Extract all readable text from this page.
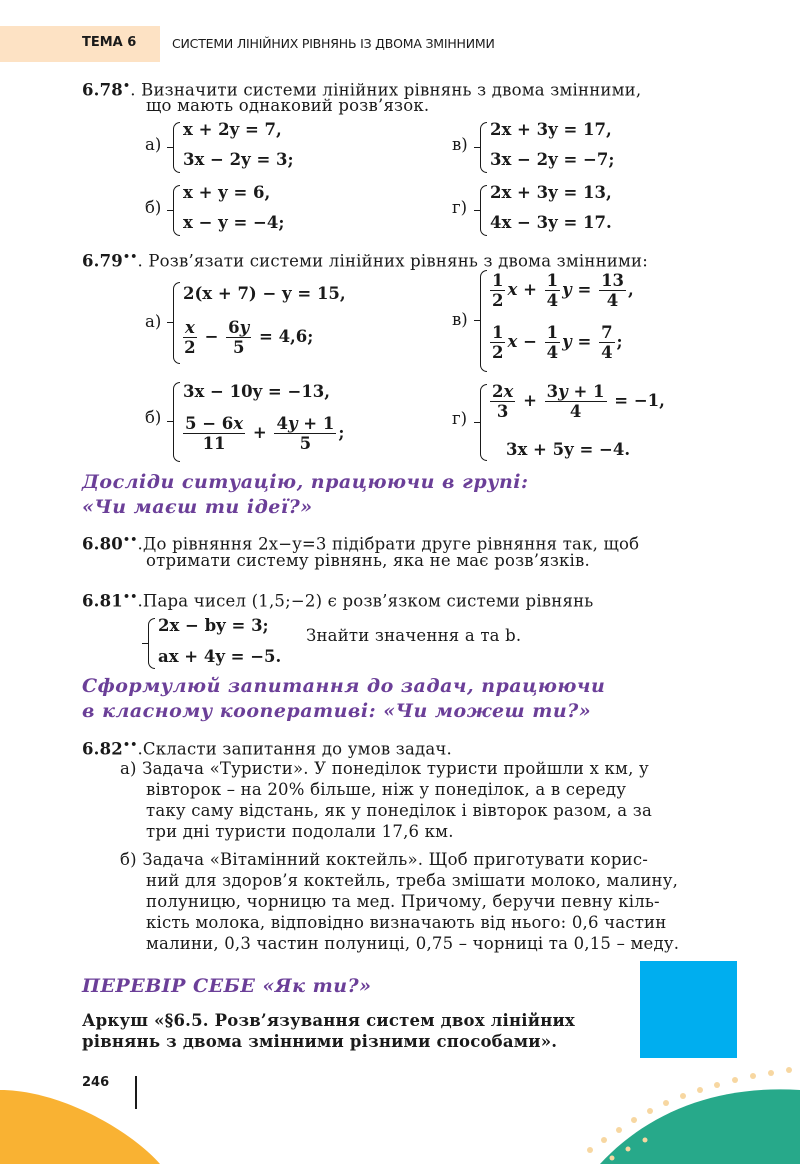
ТЕМА 6	СИСТЕМИ ЛІНІЙНИХ РІВНЯНЬ ІЗ ДВОМА ЗМІННИМИ
6.78•. Визначити системи лінійних рівнянь з двома змінними,
що мають однаковий розв’язок.
а)
x + 2y = 7,
3x − 2y = 3;
в)
2x + 3y = 17,
3x − 2y = −7;
б)
x + y = 6,
x − y = −4;
г)
2x + 3y = 13,
4x − 3y = 17.
6.79••. Розв’язати системи лінійних рівнянь з двома змінними:
а)
2(x + 7) − y = 15,
$\frac{x}{2} - \frac{6y}{5} = 4,6$;
в)
$\frac{1}{2}$ $x + \frac{1}{4}$ $y = \frac{13}{4}$ ,
$\frac{1}{2}$ $x - \frac{1}{4}$ $y = \frac{7}{4}$ ;
б)
3x − 10y = −13,
$\frac{5 - 6x}{11} + \frac{4y + 1}{5}$ ;
$г) \frac{2x}{3} + \frac{3y + 1}{4} = -1$,
3x + 5y = −4.
Досліди ситуацію, працюючи в групі:
«Чи маєш ти ідеї?»
6.80••.До рівняння 2x−y=3 підібрати друге рівняння так, щоб
отримати систему рівнянь, яка не має розв’язків.
6.81••.Пара чисел (1,5;−2) є розв’язком системи рівнянь
2x − by = 3;
ax + 4y = −5.
Знайти значення a та b.
Сформулюй запитання до задач, працюючи
в класному кооперативі: «Чи можеш ти?»
6.82••.Скласти запитання до умов задач.
а) Задача «Туристи». У понеділок туристи пройшли x км, у
вівторок – на 20% більше, ніж у понеділок, а в середу
таку саму відстань, як у понеділок і вівторок разом, а за
три дні туристи подолали 17,6 км.
б) Задача «Вітамінний коктейль». Щоб приготувати корис-
ний для здоров’я коктейль, треба змішати молоко, малину,
полуницю, чорницю та мед. Причому, беручи певну кіль-
кість молока, відповідно визначають від нього: 0,6 частин
малини, 0,3 частин полуниці, 0,75 – чорниці та 0,15 – меду.
ПЕРЕВІР СЕБЕ «Як ти?»
Аркуш «§6.5. Розв’язування систем двох лінійних
рівнянь з двома змінними різними способами».
246
